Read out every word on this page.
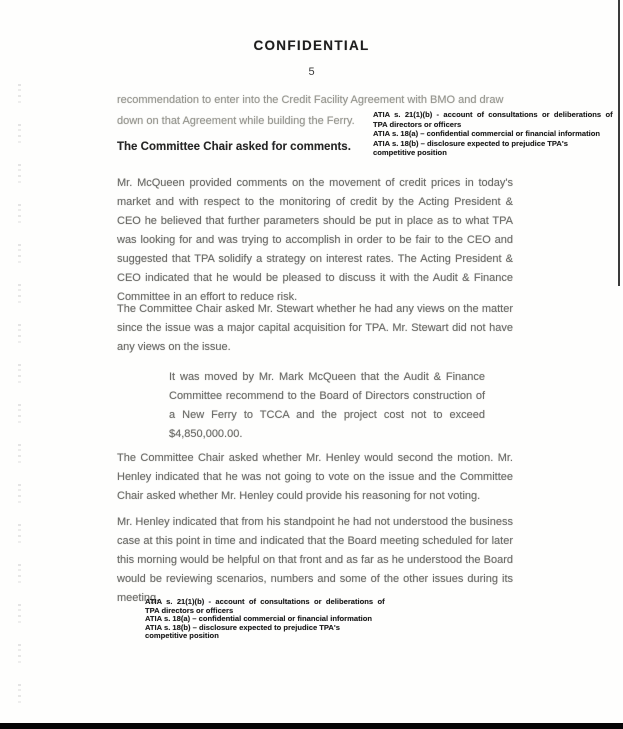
CONFIDENTIAL
5
recommendation to enter into the Credit Facility Agreement with BMO and draw
down on that Agreement while building the Ferry.
ATIA s. 21(1)(b) - account of consultations or deliberations of
TPA directors or officers
ATIA s. 18(a) – confidential commercial or financial information
ATIA s. 18(b) – disclosure expected to prejudice TPA's
competitive position
The Committee Chair asked for comments.

Mr. McQueen provided comments on the movement of credit prices in today's market and with respect to the monitoring of credit by the Acting President & CEO he believed that further parameters should be put in place as to what TPA was looking for and was trying to accomplish in order to be fair to the CEO and suggested that TPA solidify a strategy on interest rates. The Acting President & CEO indicated that he would be pleased to discuss it with the Audit & Finance Committee in an effort to reduce risk.

The Committee Chair asked Mr. Stewart whether he had any views on the matter since the issue was a major capital acquisition for TPA. Mr. Stewart did not have any views on the issue.

It was moved by Mr. Mark McQueen that the Audit & Finance Committee recommend to the Board of Directors construction of a New Ferry to TCCA and the project cost not to exceed $4,850,000.00.

The Committee Chair asked whether Mr. Henley would second the motion. Mr. Henley indicated that he was not going to vote on the issue and the Committee Chair asked whether Mr. Henley could provide his reasoning for not voting.

Mr. Henley indicated that from his standpoint he had not understood the business case at this point in time and indicated that the Board meeting scheduled for later this morning would be helpful on that front and as far as he understood the Board would be reviewing scenarios, numbers and some of the other issues during its meeting.

ATIA s. 21(1)(b) - account of consultations or deliberations of
TPA directors or officers
ATIA s. 18(a) – confidential commercial or financial information
ATIA s. 18(b) – disclosure expected to prejudice TPA's
competitive position
